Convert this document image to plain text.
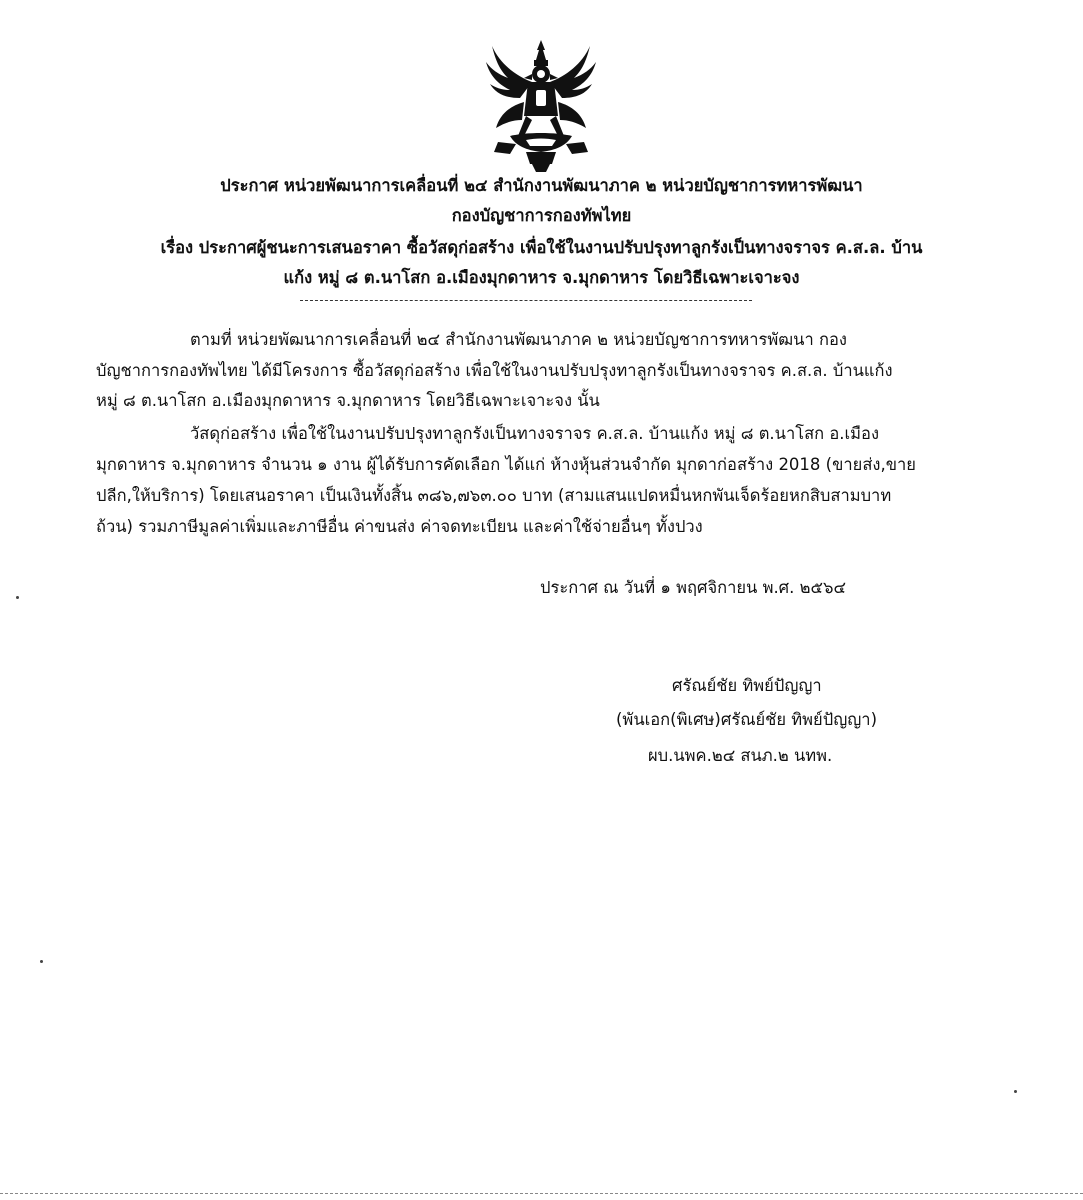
ประกาศ หน่วยพัฒนาการเคลื่อนที่ ๒๔ สำนักงานพัฒนาภาค ๒ หน่วยบัญชาการทหารพัฒนา
กองบัญชาการกองทัพไทย
เรื่อง ประกาศผู้ชนะการเสนอราคา ซื้อวัสดุก่อสร้าง เพื่อใช้ในงานปรับปรุงทาลูกรังเป็นทางจราจร ค.ส.ล. บ้าน
แก้ง หมู่ ๘ ต.นาโสก อ.เมืองมุกดาหาร จ.มุกดาหาร โดยวิธีเฉพาะเจาะจง
ตามที่ หน่วยพัฒนาการเคลื่อนที่ ๒๔ สำนักงานพัฒนาภาค ๒ หน่วยบัญชาการทหารพัฒนา กอง
บัญชาการกองทัพไทย ได้มีโครงการ ซื้อวัสดุก่อสร้าง เพื่อใช้ในงานปรับปรุงทาลูกรังเป็นทางจราจร ค.ส.ล. บ้านแก้ง
หมู่ ๘ ต.นาโสก อ.เมืองมุกดาหาร จ.มุกดาหาร โดยวิธีเฉพาะเจาะจง นั้น
วัสดุก่อสร้าง เพื่อใช้ในงานปรับปรุงทาลูกรังเป็นทางจราจร ค.ส.ล. บ้านแก้ง หมู่ ๘ ต.นาโสก อ.เมือง
มุกดาหาร จ.มุกดาหาร จำนวน ๑ งาน ผู้ได้รับการคัดเลือก ได้แก่ ห้างหุ้นส่วนจำกัด มุกดาก่อสร้าง 2018 (ขายส่ง,ขาย
ปลีก,ให้บริการ) โดยเสนอราคา เป็นเงินทั้งสิ้น ๓๘๖,๗๖๓.๐๐ บาท (สามแสนแปดหมื่นหกพันเจ็ดร้อยหกสิบสามบาท
ถ้วน) รวมภาษีมูลค่าเพิ่มและภาษีอื่น ค่าขนส่ง ค่าจดทะเบียน และค่าใช้จ่ายอื่นๆ ทั้งปวง
ประกาศ ณ วันที่ ๑ พฤศจิกายน พ.ศ. ๒๕๖๔
ศรัณย์ชัย ทิพย์ปัญญา
(พันเอก(พิเศษ)ศรัณย์ชัย ทิพย์ปัญญา)
ผบ.นพค.๒๔ สนภ.๒ นทพ.
